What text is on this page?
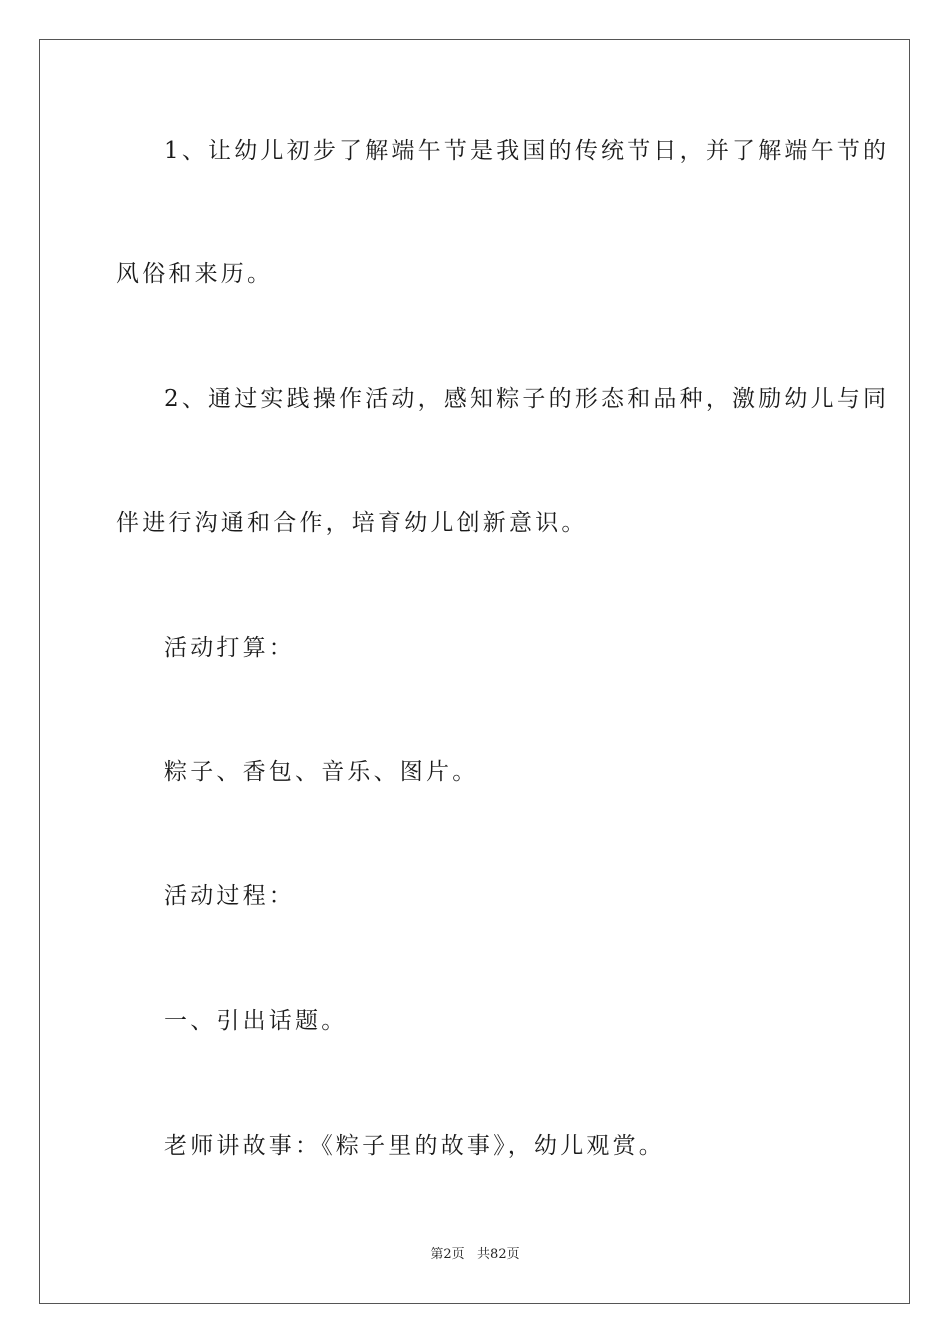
1、让幼儿初步了解端午节是我国的传统节日，并了解端午节的
风俗和来历。
2、通过实践操作活动，感知粽子的形态和品种，激励幼儿与同
伴进行沟通和合作，培育幼儿创新意识。
活动打算：
粽子、香包、音乐、图片。
活动过程：
一、引出话题。
老师讲故事：《粽子里的故事》，幼儿观赏。
第2页   共82页
